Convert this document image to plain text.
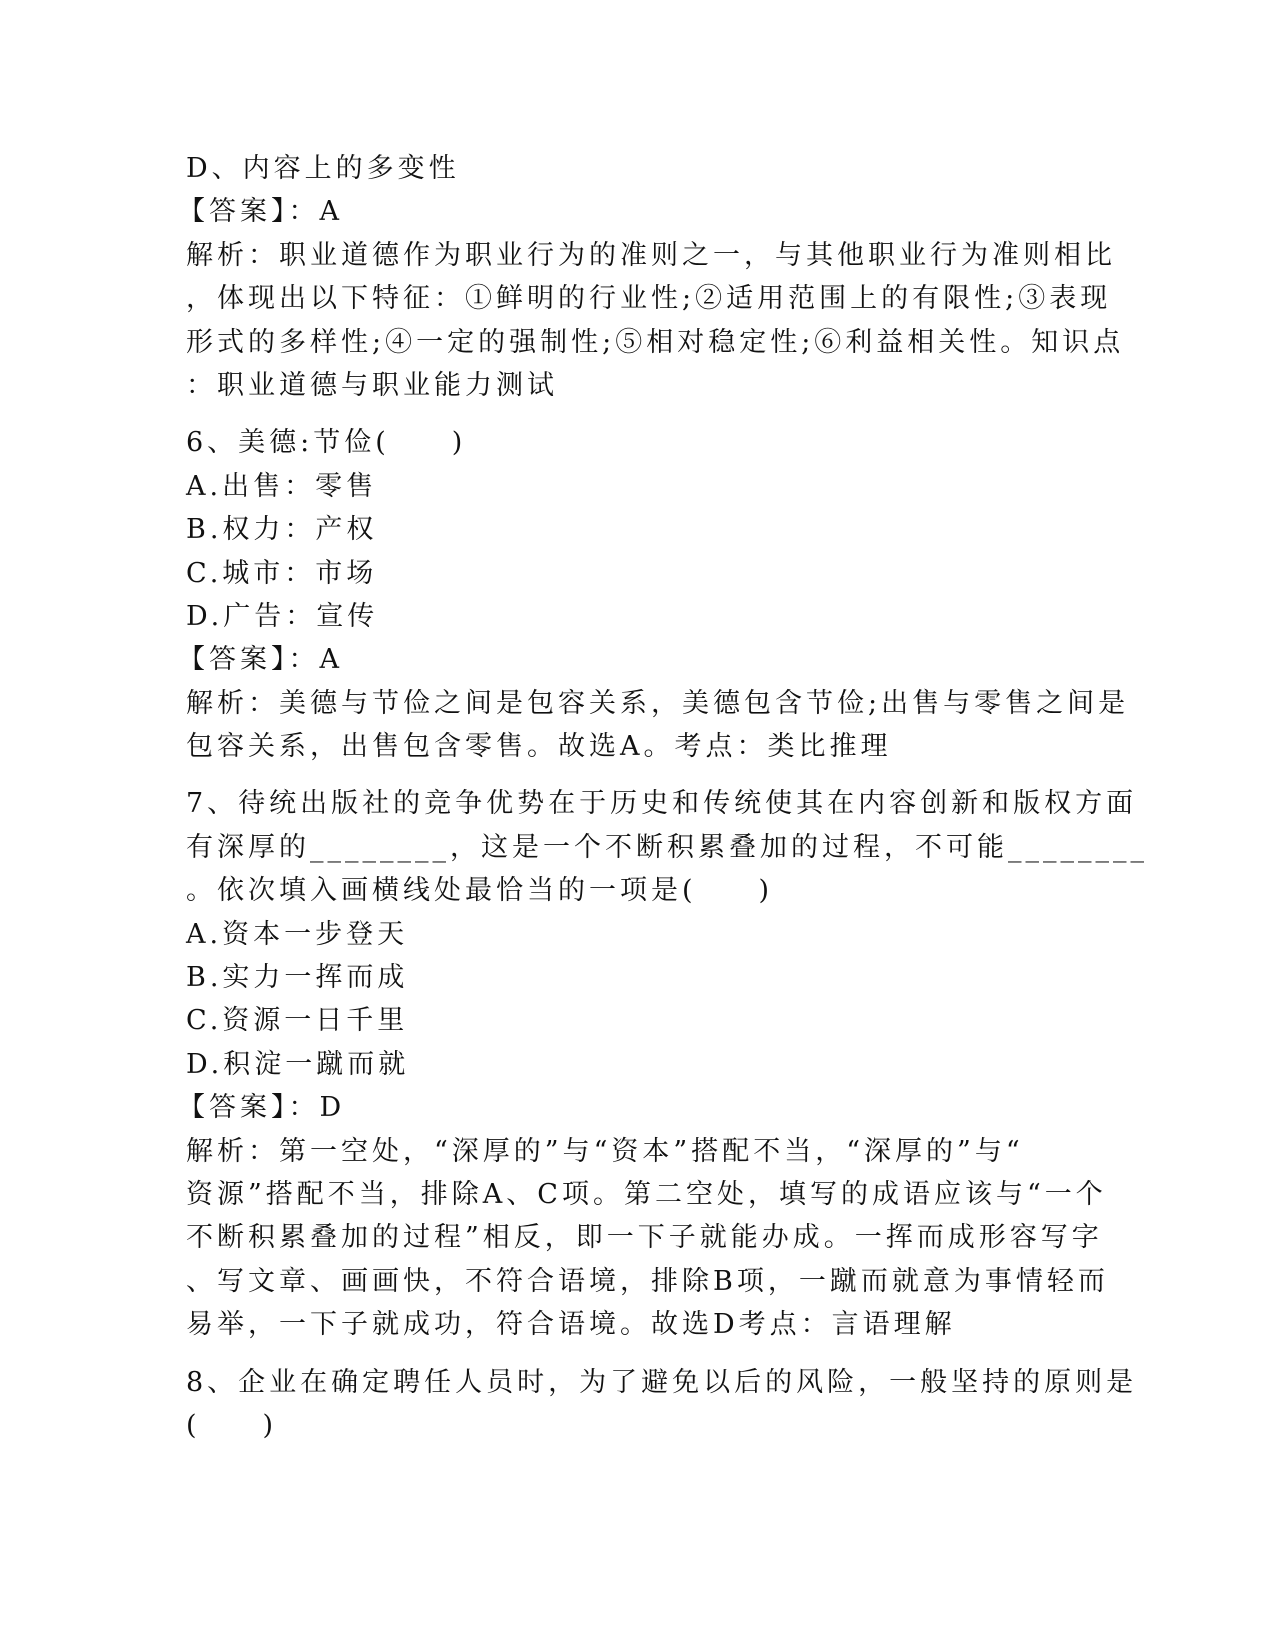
D、内容上的多变性
【答案】：A
解析：职业道德作为职业行为的准则之一，与其他职业行为准则相比
，体现出以下特征：①鲜明的行业性;②适用范围上的有限性;③表现
形式的多样性;④一定的强制性;⑤相对稳定性;⑥利益相关性。知识点
：职业道德与职业能力测试
6、美德:节俭(　　)
A.出售：零售
B.权力：产权
C.城市：市场
D.广告：宣传
【答案】：A
解析：美德与节俭之间是包容关系，美德包含节俭;出售与零售之间是
包容关系，出售包含零售。故选A。考点：类比推理
7、待统出版社的竞争优势在于历史和传统使其在内容创新和版权方面
有深厚的________，这是一个不断积累叠加的过程，不可能________
。依次填入画横线处最恰当的一项是(　　)
A.资本一步登天
B.实力一挥而成
C.资源一日千里
D.积淀一蹴而就
【答案】：D
解析：第一空处，“深厚的”与“资本”搭配不当，“深厚的”与“
资源”搭配不当，排除A、C项。第二空处，填写的成语应该与“一个
不断积累叠加的过程”相反，即一下子就能办成。一挥而成形容写字
、写文章、画画快，不符合语境，排除B项，一蹴而就意为事情轻而
易举，一下子就成功，符合语境。故选D考点：言语理解
8、企业在确定聘任人员时，为了避免以后的风险，一般坚持的原则是
(　　)
